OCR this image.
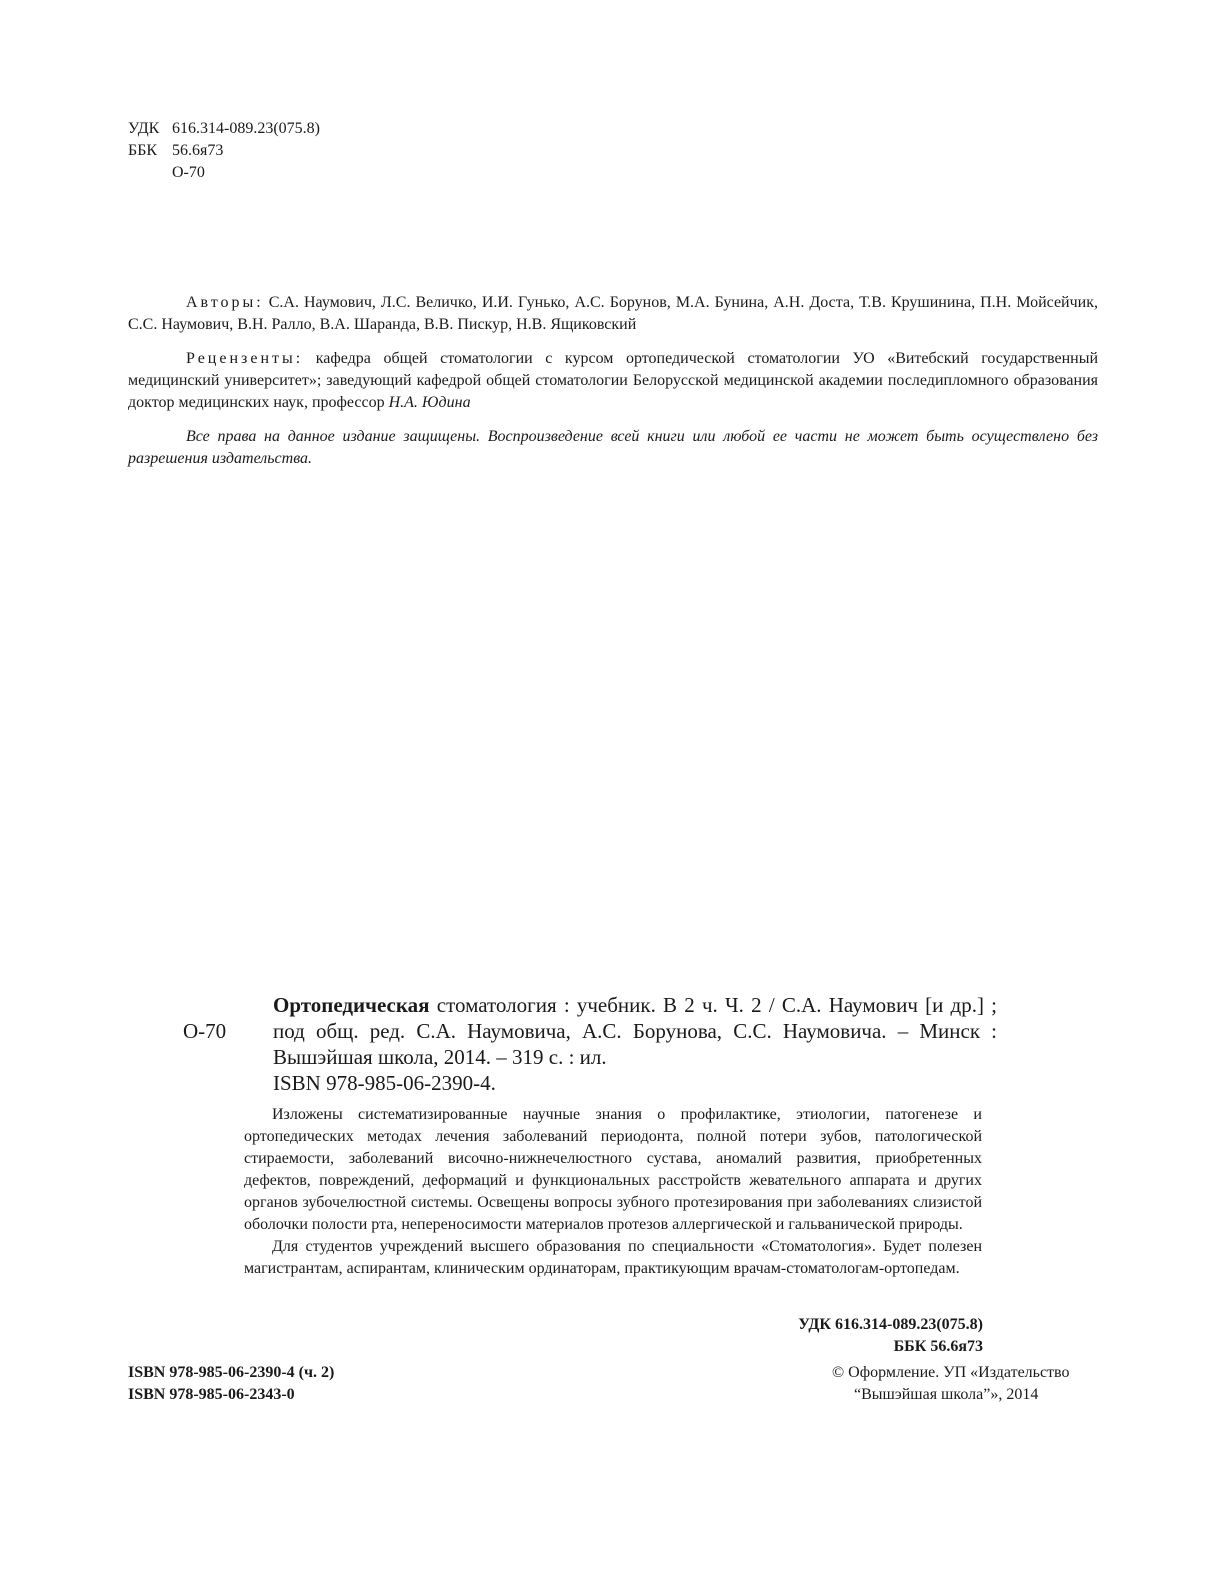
УДК 616.314-089.23(075.8)
ББК 56.6я73
О-70
Авторы: С.А. Наумович, Л.С. Величко, И.И. Гунько, А.С. Борунов, М.А. Бунина, А.Н. Доста, Т.В. Крушинина, П.Н. Мойсейчик, С.С. Наумович, В.Н. Ралло, В.А. Шаранда, В.В. Пискур, Н.В. Ящиковский
Рецензенты: кафедра общей стоматологии с курсом ортопедической стоматологии УО «Витебский государственный медицинский университет»; заведующий кафедрой общей стоматологии Белорусской медицинской академии последипломного образования доктор медицинских наук, профессор Н.А. Юдина
Все права на данное издание защищены. Воспроизведение всей книги или любой ее части не может быть осуществлено без разрешения издательства.
О-70
Ортопедическая стоматология : учебник. В 2 ч. Ч. 2 / С.А. Наумович [и др.] ; под общ. ред. С.А. Наумовича, А.С. Борунова, С.С. Наумовича. – Минск : Вышэйшая школа, 2014. – 319 с. : ил.
ISBN 978-985-06-2390-4.

Изложены систематизированные научные знания о профилактике, этиологии, патогенезе и ортопедических методах лечения заболеваний периодонта, полной потери зубов, патологической стираемости, заболеваний височно-нижнечелюстного сустава, аномалий развития, приобретенных дефектов, повреждений, деформаций и функциональных расстройств жевательного аппарата и других органов зубочелюстной системы. Освещены вопросы зубного протезирования при заболеваниях слизистой оболочки полости рта, непереносимости материалов протезов аллергической и гальванической природы.

Для студентов учреждений высшего образования по специальности «Стоматология». Будет полезен магистрантам, аспирантам, клиническим ординаторам, практикующим врачам-стоматологам-ортопедам.

УДК 616.314-089.23(075.8)
ББК 56.6я73
ISBN 978-985-06-2390-4 (ч. 2)
ISBN 978-985-06-2343-0
© Оформление. УП «Издательство
“Вышэйшая школа”», 2014
